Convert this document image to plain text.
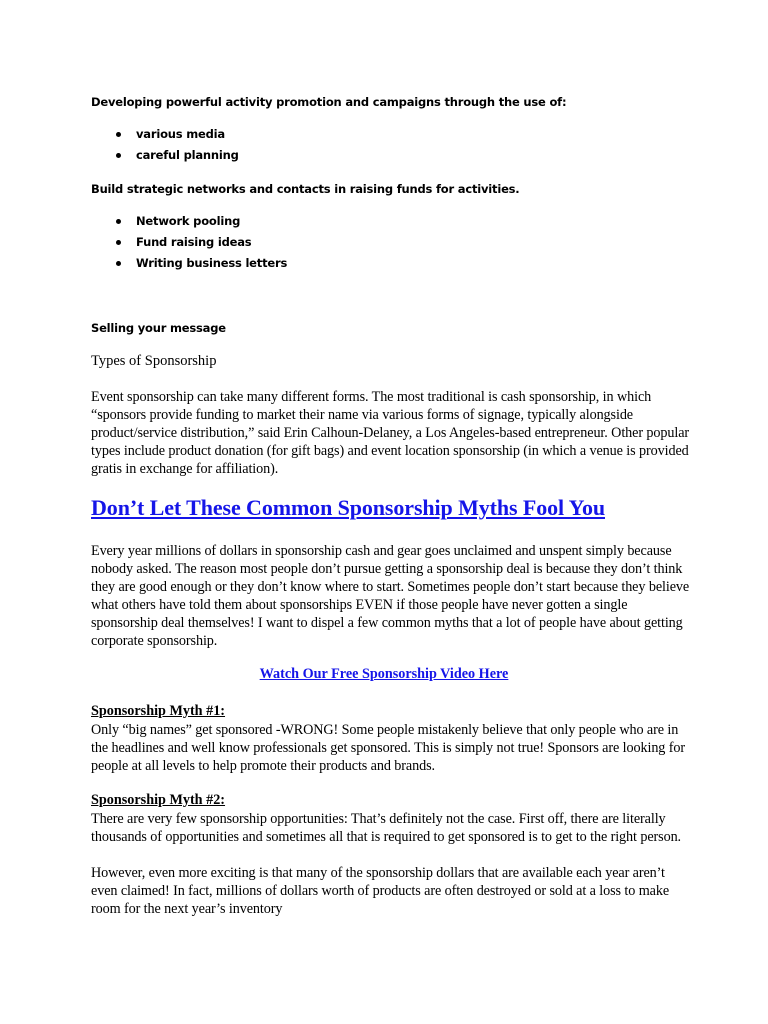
Developing powerful activity promotion and campaigns through the use of:

various media
careful planning

Build strategic networks and contacts in raising funds for activities.

Network pooling
Fund raising ideas
Writing business letters

Selling your message

Types of Sponsorship

Event sponsorship can take many different forms. The most traditional is cash sponsorship, in which “sponsors provide funding to market their name via various forms of signage, typically alongside product/service distribution,” said Erin Calhoun-Delaney, a Los Angeles-based entrepreneur. Other popular types include product donation (for gift bags) and event location sponsorship (in which a venue is provided gratis in exchange for affiliation).

Don’t Let These Common Sponsorship Myths Fool You

Every year millions of dollars in sponsorship cash and gear goes unclaimed and unspent simply because nobody asked. The reason most people don’t pursue getting a sponsorship deal is because they don’t think they are good enough or they don’t know where to start. Sometimes people don’t start because they believe what others have told them about sponsorships EVEN if those people have never gotten a single sponsorship deal themselves! I want to dispel a few common myths that a lot of people have about getting corporate sponsorship.

Watch Our Free Sponsorship Video Here

Sponsorship Myth #1:

Only “big names” get sponsored -WRONG! Some people mistakenly believe that only people who are in the headlines and well know professionals get sponsored. This is simply not true! Sponsors are looking for people at all levels to help promote their products and brands.

Sponsorship Myth #2:

There are very few sponsorship opportunities: That’s definitely not the case. First off, there are literally thousands of opportunities and sometimes all that is required to get sponsored is to get to the right person.

However, even more exciting is that many of the sponsorship dollars that are available each year aren’t even claimed! In fact, millions of dollars worth of products are often destroyed or sold at a loss to make room for the next year’s inventory
